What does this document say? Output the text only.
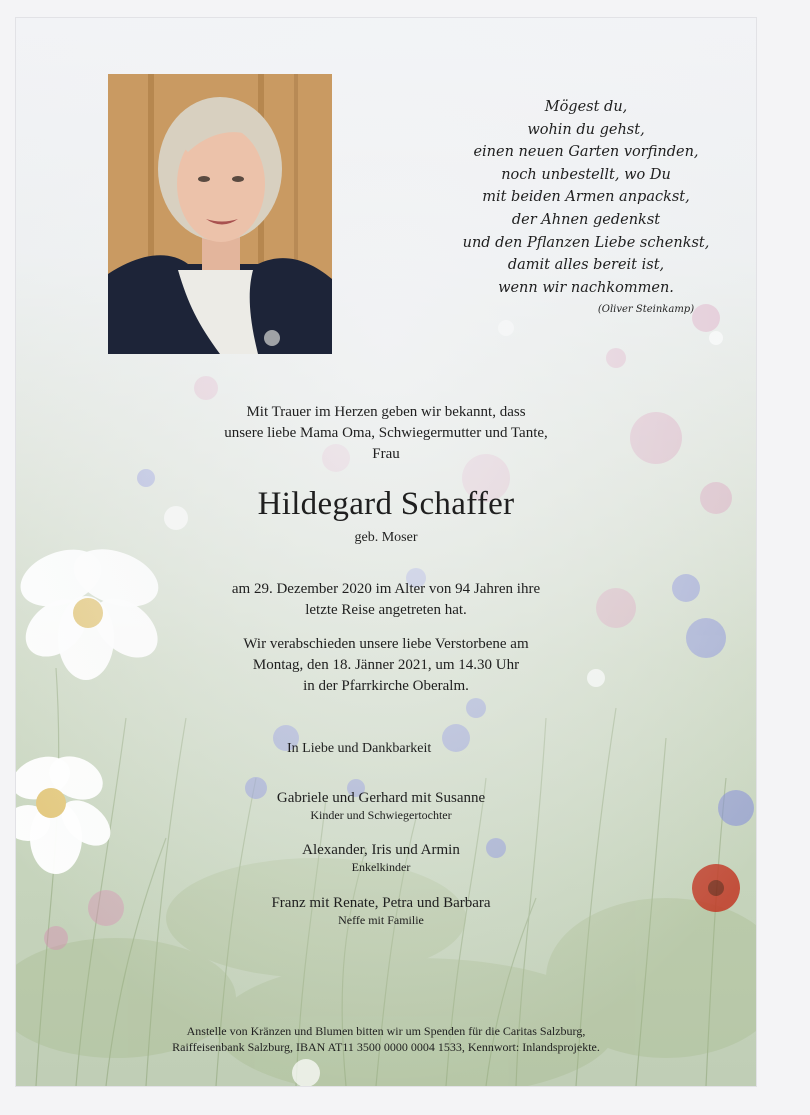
Mögest du,
wohin du gehst,
einen neuen Garten vorfinden,
noch unbestellt, wo Du
mit beiden Armen anpackst,
der Ahnen gedenkst
und den Pflanzen Liebe schenkst,
damit alles bereit ist,
wenn wir nachkommen.
(Oliver Steinkamp)
Mit Trauer im Herzen geben wir bekannt, dass
unsere liebe Mama Oma, Schwiegermutter und Tante,
Frau
Hildegard Schaffer
geb. Moser
am 29. Dezember 2020 im Alter von 94 Jahren ihre
letzte Reise angetreten hat.
Wir verabschieden unsere liebe Verstorbene am
Montag, den 18. Jänner 2021, um 14.30 Uhr
in der Pfarrkirche Oberalm.
In Liebe und Dankbarkeit
Gabriele und Gerhard mit Susanne
Kinder und Schwiegertochter
Alexander, Iris und Armin
Enkelkinder
Franz mit Renate, Petra und Barbara
Neffe mit Familie
Anstelle von Kränzen und Blumen bitten wir um Spenden für die Caritas Salzburg,
Raiffeisenbank Salzburg, IBAN AT11 3500 0000 0004 1533, Kennwort: Inlandsprojekte.
